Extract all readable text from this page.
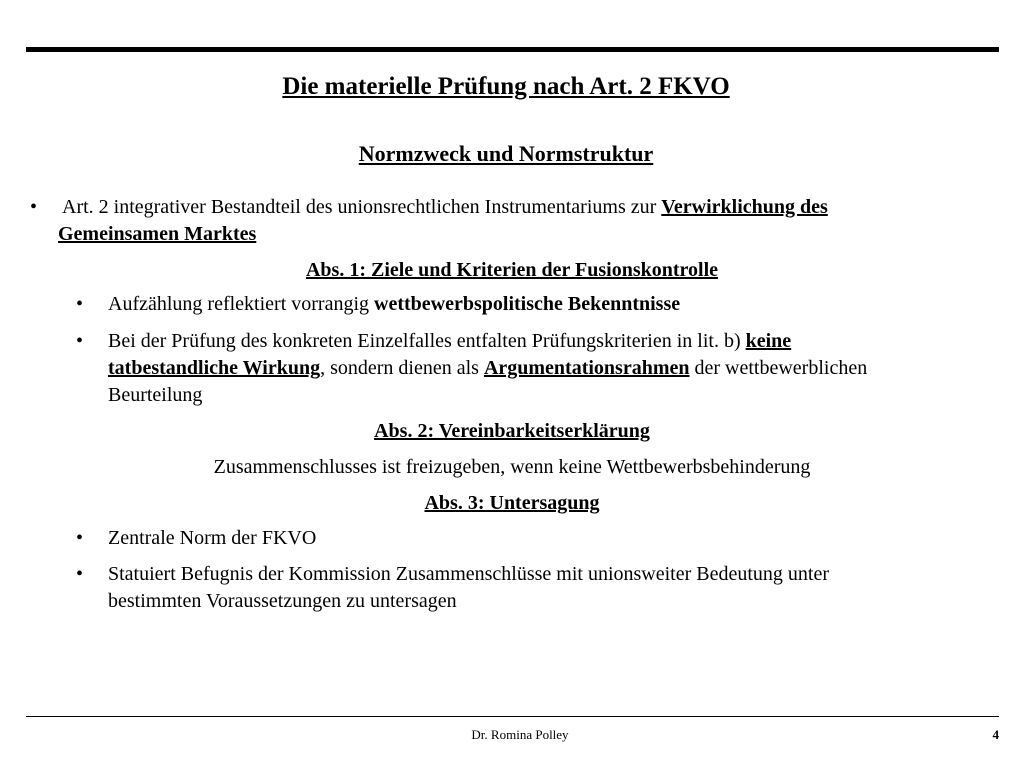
Die materielle Prüfung nach Art. 2 FKVO
Normzweck und Normstruktur
•	Art. 2 integrativer Bestandteil des unionsrechtlichen Instrumentariums zur Verwirklichung des
Gemeinsamen Marktes
Abs. 1: Ziele und Kriterien der Fusionskontrolle
•	Aufzählung reflektiert vorrangig wettbewerbspolitische Bekenntnisse
•	Bei der Prüfung des konkreten Einzelfalles entfalten Prüfungskriterien in lit. b) keine
tatbestandliche Wirkung, sondern dienen als Argumentationsrahmen der wettbewerblichen
Beurteilung
Abs. 2: Vereinbarkeitserklärung
Zusammenschlusses ist freizugeben, wenn keine Wettbewerbsbehinderung
Abs. 3: Untersagung
•	Zentrale Norm der FKVO
•	Statuiert Befugnis der Kommission Zusammenschlüsse mit unionsweiter Bedeutung unter
bestimmten Voraussetzungen zu untersagen
Dr. Romina Polley	4
